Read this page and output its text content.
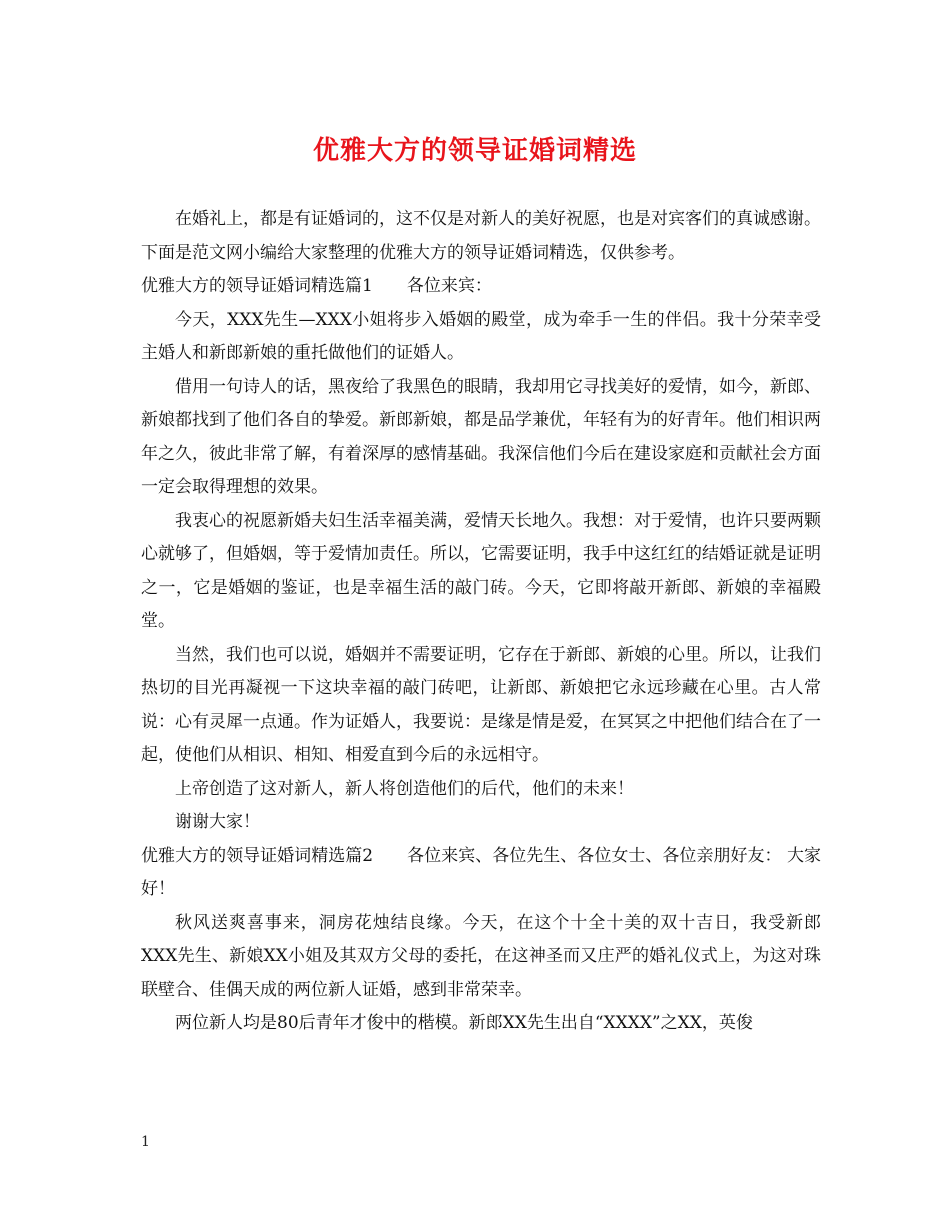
优雅大方的领导证婚词精选

在婚礼上，都是有证婚词的，这不仅是对新人的美好祝愿，也是对宾客们的真诚感谢。下面是范文网小编给大家整理的优雅大方的领导证婚词精选，仅供参考。

优雅大方的领导证婚词精选篇1 各位来宾：

今天，XXX先生—XXX小姐将步入婚姻的殿堂，成为牵手一生的伴侣。我十分荣幸受主婚人和新郎新娘的重托做他们的证婚人。

借用一句诗人的话，黑夜给了我黑色的眼睛，我却用它寻找美好的爱情，如今，新郎、新娘都找到了他们各自的挚爱。新郎新娘，都是品学兼优，年轻有为的好青年。他们相识两年之久，彼此非常了解，有着深厚的感情基础。我深信他们今后在建设家庭和贡献社会方面一定会取得理想的效果。

我衷心的祝愿新婚夫妇生活幸福美满，爱情天长地久。我想：对于爱情，也许只要两颗心就够了，但婚姻，等于爱情加责任。所以，它需要证明，我手中这红红的结婚证就是证明之一，它是婚姻的鉴证，也是幸福生活的敲门砖。今天，它即将敲开新郎、新娘的幸福殿堂。

当然，我们也可以说，婚姻并不需要证明，它存在于新郎、新娘的心里。所以，让我们热切的目光再凝视一下这块幸福的敲门砖吧，让新郎、新娘把它永远珍藏在心里。古人常说：心有灵犀一点通。作为证婚人，我要说：是缘是情是爱，在冥冥之中把他们结合在了一起，使他们从相识、相知、相爱直到今后的永远相守。

上帝创造了这对新人，新人将创造他们的后代，他们的未来！

谢谢大家！

优雅大方的领导证婚词精选篇2 各位来宾、各位先生、各位女士、各位亲朋好友： 大家好！

秋风送爽喜事来，洞房花烛结良缘。今天，在这个十全十美的双十吉日，我受新郎XXX先生、新娘XX小姐及其双方父母的委托，在这神圣而又庄严的婚礼仪式上，为这对珠联壁合、佳偶天成的两位新人证婚，感到非常荣幸。

两位新人均是80后青年才俊中的楷模。新郎XX先生出自“XXXX”之XX，英俊

1
